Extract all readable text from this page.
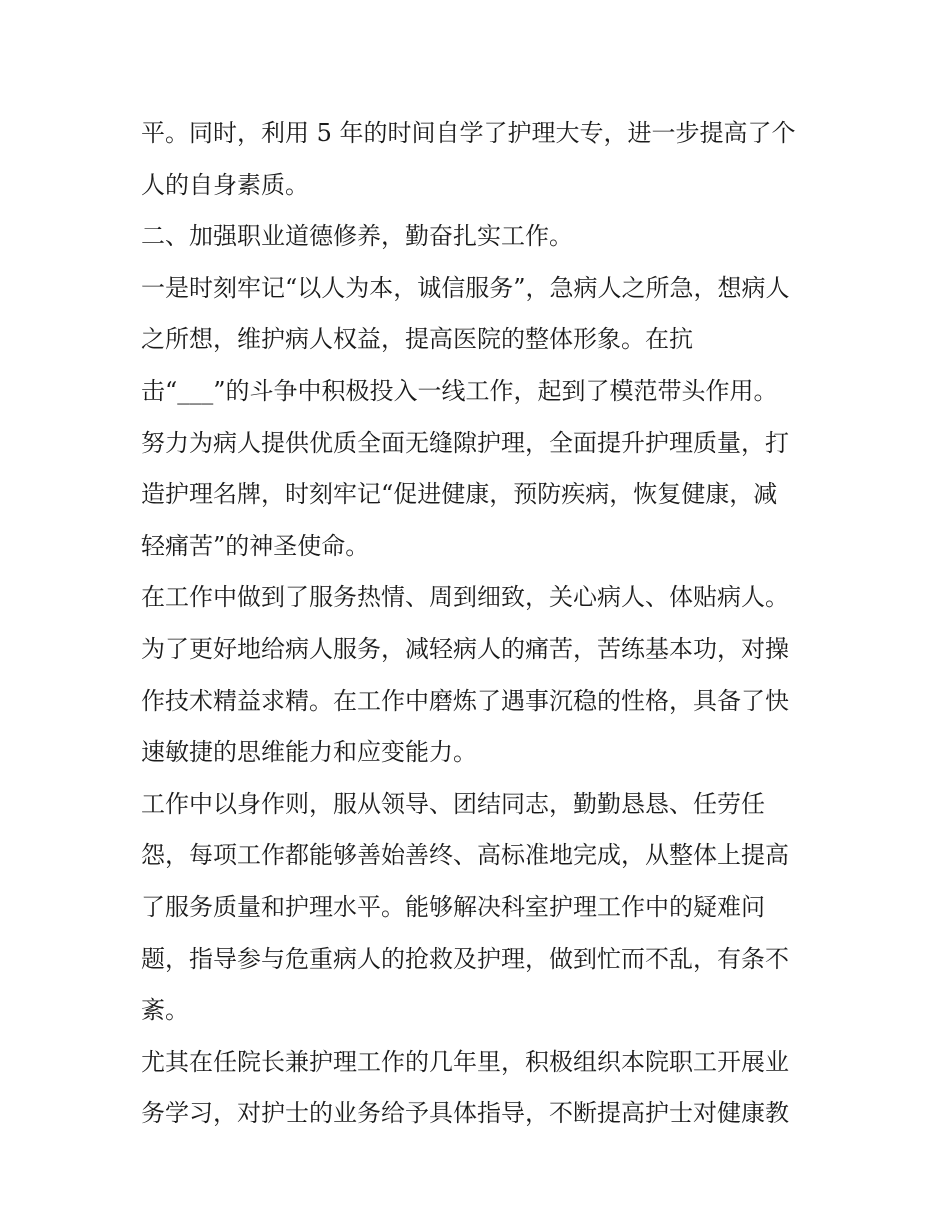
平。同时，利用 5 年的时间自学了护理大专，进一步提高了个
人的自身素质。
二、加强职业道德修养，勤奋扎实工作。
一是时刻牢记“以人为本，诚信服务”，急病人之所急，想病人
之所想，维护病人权益，提高医院的整体形象。在抗
击“___”的斗争中积极投入一线工作，起到了模范带头作用。
努力为病人提供优质全面无缝隙护理，全面提升护理质量，打
造护理名牌，时刻牢记“促进健康，预防疾病，恢复健康，减
轻痛苦”的神圣使命。
在工作中做到了服务热情、周到细致，关心病人、体贴病人。
为了更好地给病人服务，减轻病人的痛苦，苦练基本功，对操
作技术精益求精。在工作中磨炼了遇事沉稳的性格，具备了快
速敏捷的思维能力和应变能力。
工作中以身作则，服从领导、团结同志，勤勤恳恳、任劳任
怨，每项工作都能够善始善终、高标准地完成，从整体上提高
了服务质量和护理水平。能够解决科室护理工作中的疑难问
题，指导参与危重病人的抢救及护理，做到忙而不乱，有条不
紊。
尤其在任院长兼护理工作的几年里，积极组织本院职工开展业
务学习，对护士的业务给予具体指导，不断提高护士对健康教
